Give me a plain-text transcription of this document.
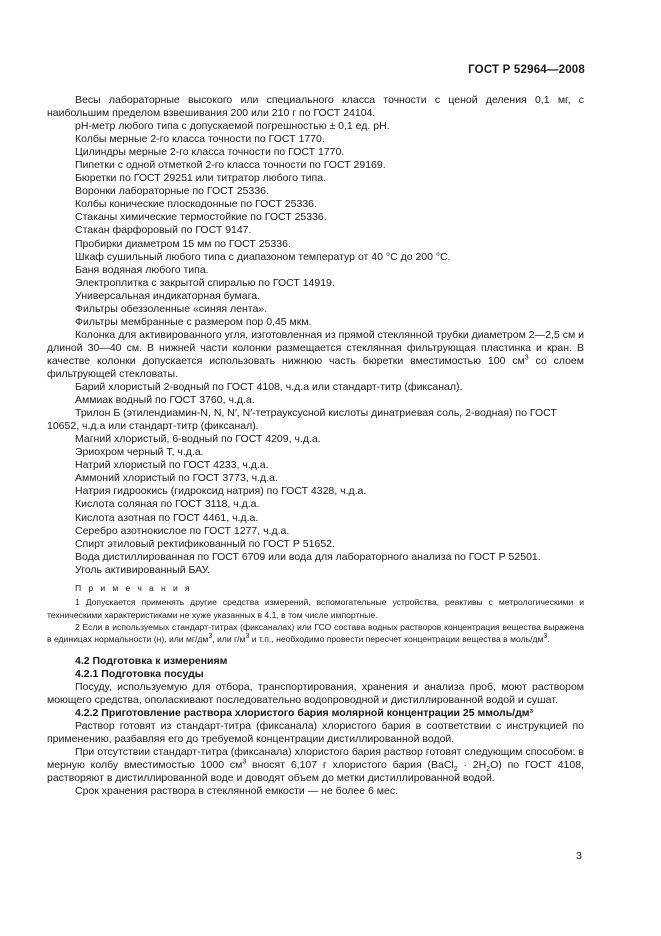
ГОСТ Р 52964—2008

Весы лабораторные высокого или специального класса точности с ценой деления 0,1 мг, с наибольшим пределом взвешивания 200 или 210 г по ГОСТ 24104.

pH-метр любого типа с допускаемой погрешностью ± 0,1 ед. pH.

Колбы мерные 2-го класса точности по ГОСТ 1770.

Цилиндры мерные 2-го класса точности по ГОСТ 1770.

Пипетки с одной отметкой 2-го класса точности по ГОСТ 29169.

Бюретки по ГОСТ 29251 или титратор любого типа.

Воронки лабораторные по ГОСТ 25336.

Колбы конические плоскодонные по ГОСТ 25336.

Стаканы химические термостойкие по ГОСТ 25336.

Стакан фарфоровый по ГОСТ 9147.

Пробирки диаметром 15 мм по ГОСТ 25336.

Шкаф сушильный любого типа с диапазоном температур от 40 °С до 200 °С.

Баня водяная любого типа.

Электроплитка с закрытой спиралью по ГОСТ 14919.

Универсальная индикаторная бумага.

Фильтры обеззоленные «синяя лента».

Фильтры мембранные с размером пор 0,45 мкм.

Колонка для активированного угля, изготовленная из прямой стеклянной трубки диаметром 2—2,5 см и длиной 30—40 см. В нижней части колонки размещается стеклянная фильтрующая пластинка и кран. В качестве колонки допускается использовать нижнюю часть бюретки вместимостью 100 $см^3$ со слоем фильтрующей стекловаты.

Барий хлористый 2-водный по ГОСТ 4108, ч.д.а или стандарт-титр (фиксанал).

Аммиак водный по ГОСТ 3760, ч.д.а.

Трилон Б (этилендиамин-N, N, N′, N′-тетрауксусной кислоты динатриевая соль, 2-водная) по ГОСТ 10652, ч.д.а или стандарт-титр (фиксанал).

Магний хлористый, 6-водный по ГОСТ 4209, ч.д.а.

Эриохром черный Т, ч.д.а.

Натрий хлористый по ГОСТ 4233, ч.д.а.

Аммоний хлористый по ГОСТ 3773, ч.д.а.

Натрия гидроокись (гидроксид натрия) по ГОСТ 4328, ч.д.а.

Кислота соляная по ГОСТ 3118, ч.д.а.

Кислота азотная по ГОСТ 4461, ч.д.а.

Серебро азотнокислое по ГОСТ 1277, ч.д.а.

Спирт этиловый ректификованный по ГОСТ Р 51652.

Вода дистиллированная по ГОСТ 6709 или вода для лабораторного анализа по ГОСТ Р 52501.

Уголь активированный БАУ.

П р и м е ч а н и я

1 Допускается применять другие средства измерений, вспомогательные устройства, реактивы с метрологическими и техническими характеристиками не хуже указанных в 4.1, в том числе импортные.

2 Если в используемых стандарт-титрах (фиксаналах) или ГСО состава водных растворов концентрация вещества выражена в единицах нормальности (н), или $мг/дм^3$, или $г/м^3$ и т.п., необходимо провести пересчет концентрации вещества в моль/$дм^3$.

4.2 Подготовка к измерениям

4.2.1 Подготовка посуды

Посуду, используемую для отбора, транспортирования, хранения и анализа проб, моют раствором моющего средства, ополаскивают последовательно водопроводной и дистиллированной водой и сушат.

4.2.2 Приготовление раствора хлористого бария молярной концентрации 25 ммоль/дм³

Раствор готовят из стандарт-титра (фиксанала) хлористого бария в соответствии с инструкцией по применению, разбавляя его до требуемой концентрации дистиллированной водой.

При отсутствии стандарт-титра (фиксанала) хлористого бария раствор готовят следующим способом: в мерную колбу вместимостью 1000 $см^3$ вносят 6,107 г хлористого бария (BaCl$_2$ · $2H_2O$) по ГОСТ 4108, растворяют в дистиллированной воде и доводят объем до метки дистиллированной водой.

Срок хранения раствора в стеклянной емкости — не более 6 мес.

3
